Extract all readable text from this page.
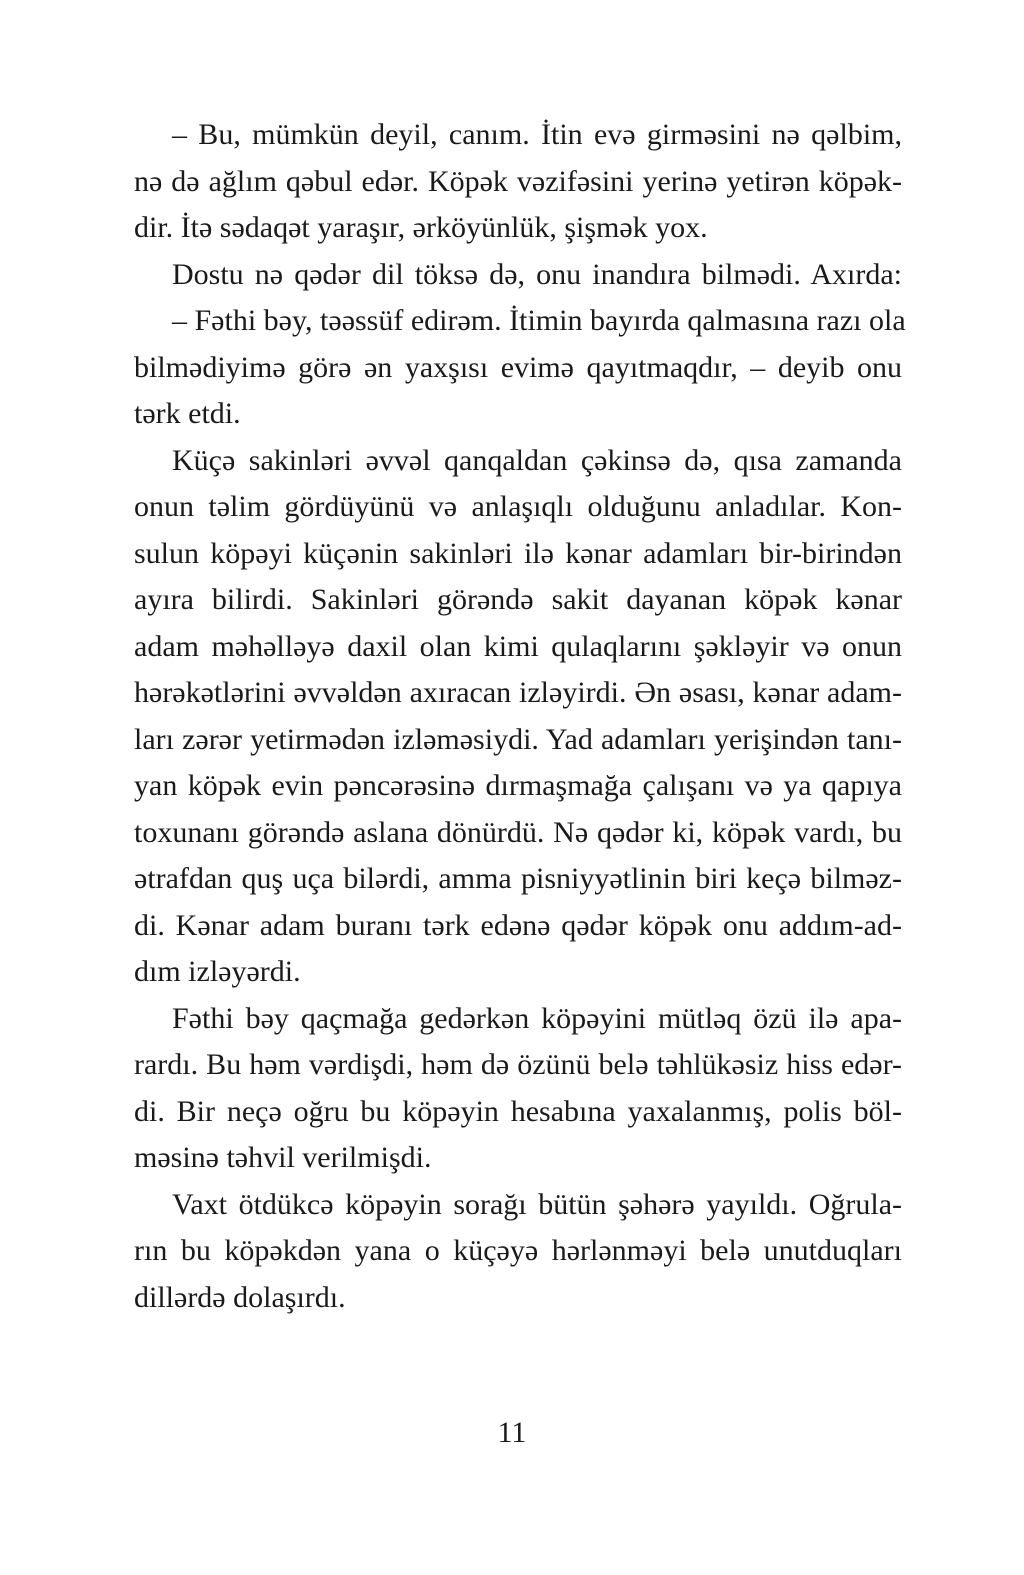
– Bu, mümkün deyil, canım. İtin evə girməsini nə qəlbim,
nə də ağlım qəbul edər. Köpək vəzifəsini yerinə yetirən köpək-
dir. İtə sədaqət yaraşır, ərköyünlük, şişmək yox.
Dostu nə qədər dil töksə də, onu inandıra bilmədi. Axırda:
– Fəthi bəy, təəssüf edirəm. İtimin bayırda qalmasına razı ola
bilmədiyimə görə ən yaxşısı evimə qayıtmaqdır, – deyib onu
tərk etdi.
Küçə sakinləri əvvəl qanqaldan çəkinsə də, qısa zamanda
onun təlim gördüyünü və anlaşıqlı olduğunu anladılar. Kon-
sulun köpəyi küçənin sakinləri ilə kənar adamları bir-birindən
ayıra bilirdi. Sakinləri görəndə sakit dayanan köpək kənar
adam məhəlləyə daxil olan kimi qulaqlarını şəkləyir və onun
hərəkətlərini əvvəldən axıracan izləyirdi. Ən əsası, kənar adam-
ları zərər yetirmədən izləməsiydi. Yad adamları yerişindən tanı-
yan köpək evin pəncərəsinə dırmaşmağa çalışanı və ya qapıya
toxunanı görəndə aslana dönürdü. Nə qədər ki, köpək vardı, bu
ətrafdan quş uça bilərdi, amma pisniyyətlinin biri keçə bilməz-
di. Kənar adam buranı tərk edənə qədər köpək onu addım-ad-
dım izləyərdi.
Fəthi bəy qaçmağa gedərkən köpəyini mütləq özü ilə apa-
rardı. Bu həm vərdişdi, həm də özünü belə təhlükəsiz hiss edər-
di. Bir neçə oğru bu köpəyin hesabına yaxalanmış, polis böl-
məsinə təhvil verilmişdi.
Vaxt ötdükcə köpəyin sorağı bütün şəhərə yayıldı. Oğrula-
rın bu köpəkdən yana o küçəyə hərlənməyi belə unutduqları
dillərdə dolaşırdı.
11
